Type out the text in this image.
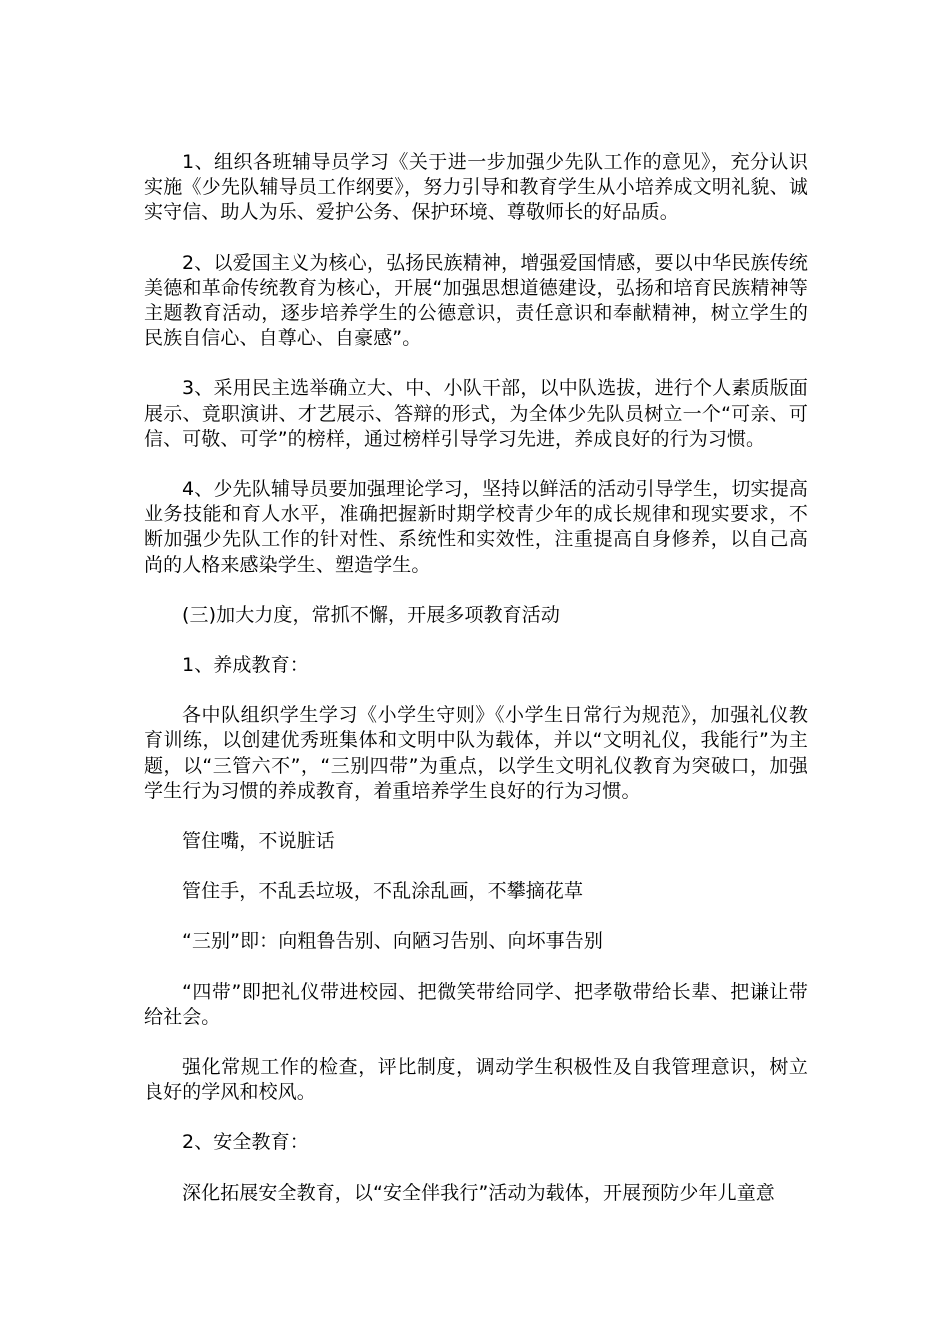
1、组织各班辅导员学习《关于进一步加强少先队工作的意见》，充分认识实施《少先队辅导员工作纲要》，努力引导和教育学生从小培养成文明礼貌、诚实守信、助人为乐、爱护公务、保护环境、尊敬师长的好品质。

2、以爱国主义为核心，弘扬民族精神，增强爱国情感，要以中华民族传统美德和革命传统教育为核心，开展“加强思想道德建设，弘扬和培育民族精神等主题教育活动，逐步培养学生的公德意识，责任意识和奉献精神，树立学生的民族自信心、自尊心、自豪感”。

3、采用民主选举确立大、中、小队干部，以中队选拔，进行个人素质版面展示、竟职演讲、才艺展示、答辩的形式，为全体少先队员树立一个“可亲、可信、可敬、可学”的榜样，通过榜样引导学习先进，养成良好的行为习惯。

4、少先队辅导员要加强理论学习，坚持以鲜活的活动引导学生，切实提高业务技能和育人水平，准确把握新时期学校青少年的成长规律和现实要求，不断加强少先队工作的针对性、系统性和实效性，注重提高自身修养，以自己高尚的人格来感染学生、塑造学生。

(三)加大力度，常抓不懈，开展多项教育活动

1、养成教育：

各中队组织学生学习《小学生守则》《小学生日常行为规范》，加强礼仪教育训练，以创建优秀班集体和文明中队为载体，并以“文明礼仪，我能行”为主题，以“三管六不”，“三别四带”为重点，以学生文明礼仪教育为突破口，加强学生行为习惯的养成教育，着重培养学生良好的行为习惯。

管住嘴，不说脏话

管住手，不乱丢垃圾，不乱涂乱画，不攀摘花草

“三别”即：向粗鲁告别、向陋习告别、向坏事告别

“四带”即把礼仪带进校园、把微笑带给同学、把孝敬带给长辈、把谦让带给社会。

强化常规工作的检查，评比制度，调动学生积极性及自我管理意识，树立良好的学风和校风。

2、安全教育：

深化拓展安全教育，以“安全伴我行”活动为载体，开展预防少年儿童意
